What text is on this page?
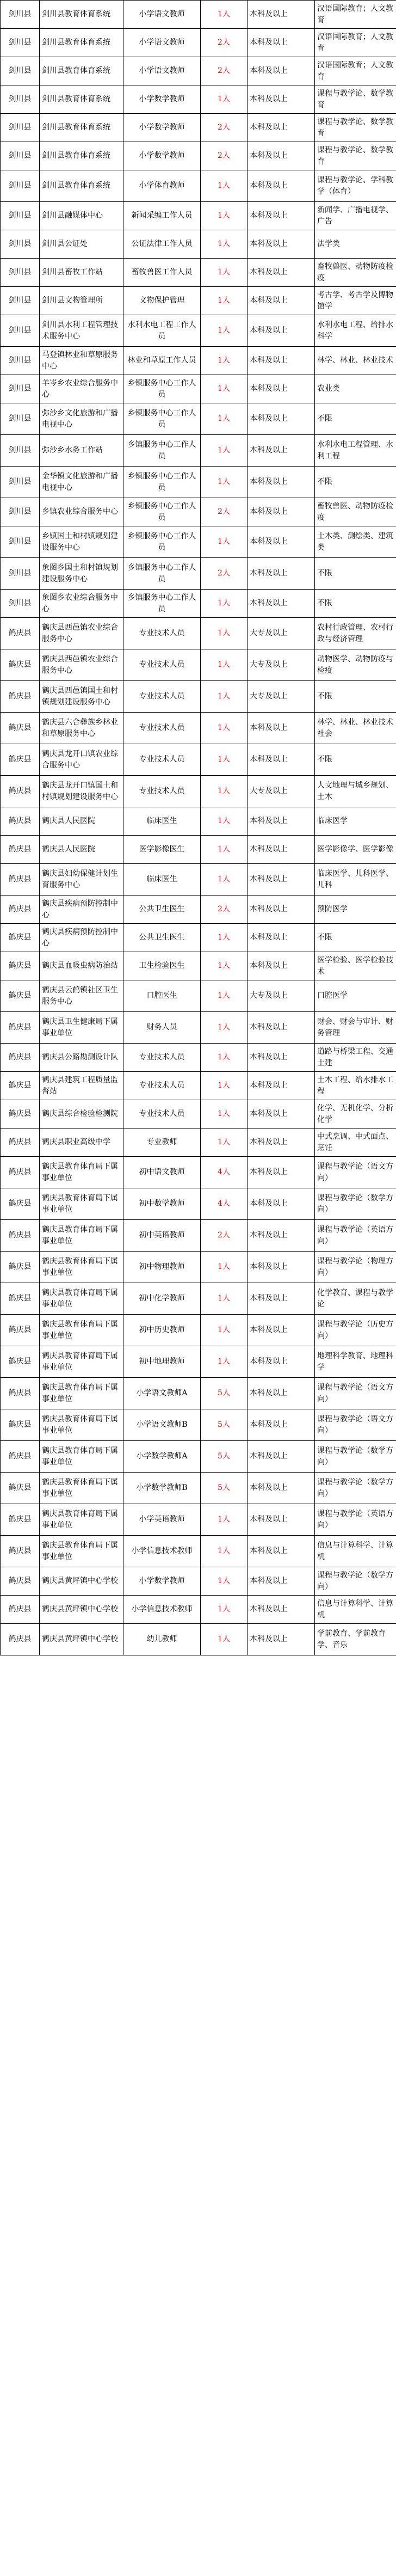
剑川县	剑川县教育体育系统	小学语文教师	1人	本科及以上	汉语国际教育；人文教育
剑川县	剑川县教育体育系统	小学语文教师	2人	本科及以上	汉语国际教育；人文教育
剑川县	剑川县教育体育系统	小学语文教师	2人	本科及以上	汉语国际教育；人文教育
剑川县	剑川县教育体育系统	小学数学教师	1人	本科及以上	课程与教学论、数学教育
剑川县	剑川县教育体育系统	小学数学教师	2人	本科及以上	课程与教学论、数学教育
剑川县	剑川县教育体育系统	小学数学教师	2人	本科及以上	课程与教学论、数学教育
剑川县	剑川县教育体育系统	小学体育教师	1人	本科及以上	课程与教学论、学科教学（体育）
剑川县	剑川县融媒体中心	新闻采编工作人员	1人	本科及以上	新闻学、广播电视学、广告
剑川县	剑川县公证处	公证法律工作人员	1人	本科及以上	法学类
剑川县	剑川县畜牧工作站	畜牧兽医工作人员	1人	本科及以上	畜牧兽医、动物防疫检疫
剑川县	剑川县文物管理所	文物保护管理	1人	本科及以上	考古学、考古学及博物馆学
剑川县	剑川县水利工程管理技术服务中心	水利水电工程工作人员	1人	本科及以上	水利水电工程、给排水科学
剑川县	马登镇林业和草原服务中心	林业和草原工作人员	1人	本科及以上	林学、林业、林业技术
剑川县	羊岑乡农业综合服务中心	乡镇服务中心工作人员	1人	本科及以上	农业类
剑川县	弥沙乡文化旅游和广播电视中心	乡镇服务中心工作人员	1人	本科及以上	不限
剑川县	弥沙乡水务工作站	乡镇服务中心工作人员	1人	本科及以上	水利水电工程管理、水利工程
剑川县	金华镇文化旅游和广播电视中心	乡镇服务中心工作人员	1人	本科及以上	不限
剑川县	乡镇农业综合服务中心	乡镇服务中心工作人员	2人	本科及以上	畜牧兽医、动物防疫检疫
剑川县	乡镇国土和村镇规划建设服务中心	乡镇服务中心工作人员	1人	本科及以上	土木类、测绘类、建筑类
剑川县	象图乡国土和村镇规划建设服务中心	乡镇服务中心工作人员	2人	本科及以上	不限
剑川县	象图乡农业综合服务中心	乡镇服务中心工作人员	1人	本科及以上	不限
鹤庆县	鹤庆县西邑镇农业综合服务中心	专业技术人员	1人	大专及以上	农村行政管理、农村行政与经济管理
鹤庆县	鹤庆县西邑镇农业综合服务中心	专业技术人员	1人	大专及以上	动物医学、动物防疫与检疫
鹤庆县	鹤庆县西邑镇国土和村镇规划建设服务中心	专业技术人员	1人	大专及以上	不限
鹤庆县	鹤庆县六合彝族乡林业和草原服务中心	专业技术人员	1人	本科及以上	林学、林业、林业技术社会
鹤庆县	鹤庆县龙开口镇农业综合服务中心	专业技术人员	1人	本科及以上	不限
鹤庆县	鹤庆县龙开口镇国土和村镇规划建设服务中心	专业技术人员	1人	大专及以上	人文地理与城乡规划、土木
鹤庆县	鹤庆县人民医院	临床医生	1人	本科及以上	临床医学
鹤庆县	鹤庆县人民医院	医学影像医生	1人	本科及以上	医学影像学、医学影像
鹤庆县	鹤庆县妇幼保健计划生育服务中心	临床医生	1人	本科及以上	临床医学、儿科医学、儿科
鹤庆县	鹤庆县疾病预防控制中心	公共卫生医生	2人	本科及以上	预防医学
鹤庆县	鹤庆县疾病预防控制中心	公共卫生医生	1人	本科及以上	不限
鹤庆县	鹤庆县血吸虫病防治站	卫生检验医生	1人	本科及以上	医学检验、医学检验技术
鹤庆县	鹤庆县云鹤镇社区卫生服务中心	口腔医生	1人	大专及以上	口腔医学
鹤庆县	鹤庆县卫生健康局下属事业单位	财务人员	1人	本科及以上	财会、财会与审计、财务管理
鹤庆县	鹤庆县公路勘测设计队	专业技术人员	1人	本科及以上	道路与桥梁工程、交通土建
鹤庆县	鹤庆县建筑工程质量监督站	专业技术人员	1人	本科及以上	土木工程、给水排水工程
鹤庆县	鹤庆县综合检验检测院	专业技术人员	1人	本科及以上	化学、无机化学、分析化学
鹤庆县	鹤庆县职业高级中学	专业教师	1人	本科及以上	中式烹调、中式面点、烹饪
鹤庆县	鹤庆县教育体育局下属事业单位	初中语文教师	4人	本科及以上	课程与教学论（语文方向）
鹤庆县	鹤庆县教育体育局下属事业单位	初中数学教师	4人	本科及以上	课程与教学论（数学方向）
鹤庆县	鹤庆县教育体育局下属事业单位	初中英语教师	2人	本科及以上	课程与教学论（英语方向）
鹤庆县	鹤庆县教育体育局下属事业单位	初中物理教师	1人	本科及以上	课程与教学论（物理方向）
鹤庆县	鹤庆县教育体育局下属事业单位	初中化学教师	1人	本科及以上	化学教育、课程与教学论
鹤庆县	鹤庆县教育体育局下属事业单位	初中历史教师	1人	本科及以上	课程与教学论（历史方向）
鹤庆县	鹤庆县教育体育局下属事业单位	初中地理教师	1人	本科及以上	地理科学教育、地理科学
鹤庆县	鹤庆县教育体育局下属事业单位	小学语文教师A	5人	本科及以上	课程与教学论（语文方向）
鹤庆县	鹤庆县教育体育局下属事业单位	小学语文教师B	5人	本科及以上	课程与教学论（语文方向）
鹤庆县	鹤庆县教育体育局下属事业单位	小学数学教师A	5人	本科及以上	课程与教学论（数学方向）
鹤庆县	鹤庆县教育体育局下属事业单位	小学数学教师B	5人	本科及以上	课程与教学论（数学方向）
鹤庆县	鹤庆县教育体育局下属事业单位	小学英语教师	1人	本科及以上	课程与教学论（英语方向）
鹤庆县	鹤庆县教育体育局下属事业单位	小学信息技术教师	1人	本科及以上	信息与计算科学、计算机
鹤庆县	鹤庆县黄坪镇中心学校	小学数学教师	1人	本科及以上	课程与教学论（数学方向）
鹤庆县	鹤庆县黄坪镇中心学校	小学信息技术教师	1人	本科及以上	信息与计算科学、计算机
鹤庆县	鹤庆县黄坪镇中心学校	幼儿教师	1人	本科及以上	学前教育、学前教育学、音乐
